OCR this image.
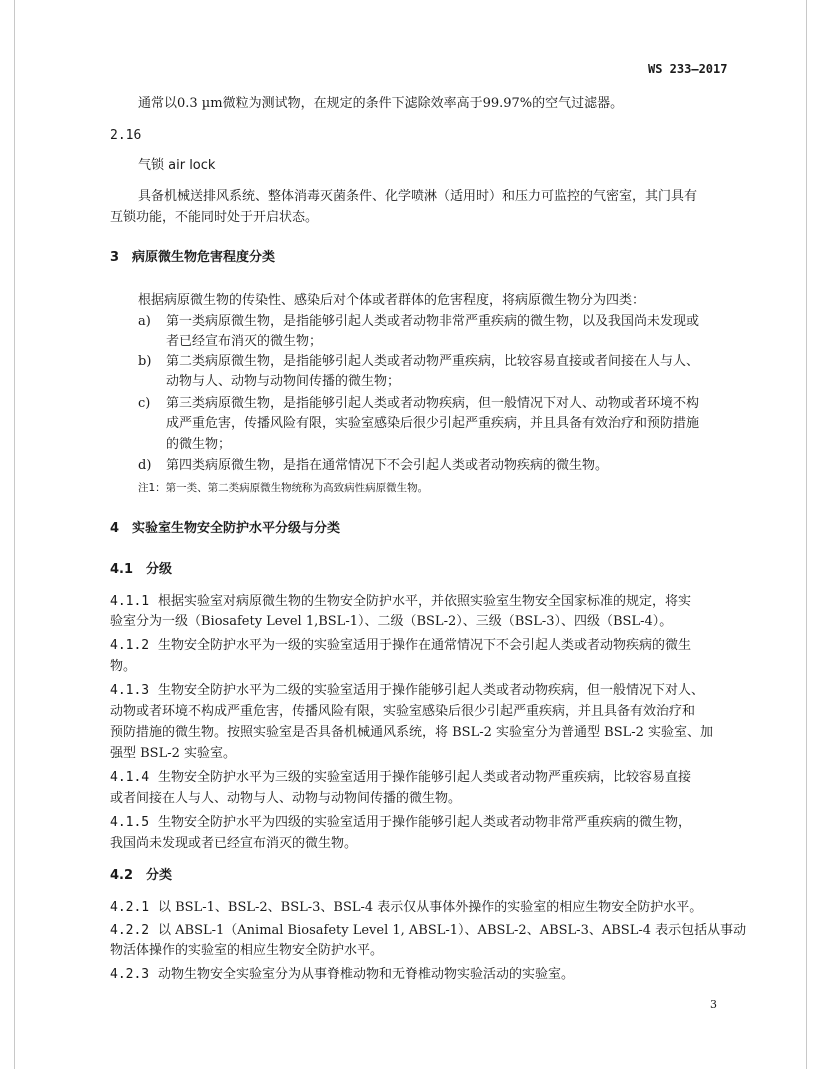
WS 233—2017
通常以0.3 µm微粒为测试物，在规定的条件下滤除效率高于99.97%的空气过滤器。
2.16
气锁 air lock
具备机械送排风系统、整体消毒灭菌条件、化学喷淋（适用时）和压力可监控的气密室，其门具有
互锁功能，不能同时处于开启状态。
3　病原微生物危害程度分类
根据病原微生物的传染性、感染后对个体或者群体的危害程度，将病原微生物分为四类：
a) 第一类病原微生物，是指能够引起人类或者动物非常严重疾病的微生物，以及我国尚未发现或
者已经宣布消灭的微生物；
b) 第二类病原微生物，是指能够引起人类或者动物严重疾病，比较容易直接或者间接在人与人、
动物与人、动物与动物间传播的微生物；
c) 第三类病原微生物，是指能够引起人类或者动物疾病，但一般情况下对人、动物或者环境不构
成严重危害，传播风险有限，实验室感染后很少引起严重疾病，并且具备有效治疗和预防措施
的微生物；
d) 第四类病原微生物，是指在通常情况下不会引起人类或者动物疾病的微生物。
注1：第一类、第二类病原微生物统称为高致病性病原微生物。
4　实验室生物安全防护水平分级与分类
4.1　分级
4.1.1 根据实验室对病原微生物的生物安全防护水平，并依照实验室生物安全国家标准的规定，将实
验室分为一级（Biosafety Level 1,BSL-1）、二级（BSL-2）、三级（BSL-3）、四级（BSL-4）。
4.1.2 生物安全防护水平为一级的实验室适用于操作在通常情况下不会引起人类或者动物疾病的微生
物。
4.1.3 生物安全防护水平为二级的实验室适用于操作能够引起人类或者动物疾病，但一般情况下对人、
动物或者环境不构成严重危害，传播风险有限，实验室感染后很少引起严重疾病，并且具备有效治疗和
预防措施的微生物。按照实验室是否具备机械通风系统，将 BSL-2 实验室分为普通型 BSL-2 实验室、加
强型 BSL-2 实验室。
4.1.4 生物安全防护水平为三级的实验室适用于操作能够引起人类或者动物严重疾病，比较容易直接
或者间接在人与人、动物与人、动物与动物间传播的微生物。
4.1.5 生物安全防护水平为四级的实验室适用于操作能够引起人类或者动物非常严重疾病的微生物，
我国尚未发现或者已经宣布消灭的微生物。
4.2　分类
4.2.1 以 BSL-1、BSL-2、BSL-3、BSL-4 表示仅从事体外操作的实验室的相应生物安全防护水平。
4.2.2 以 ABSL-1（Animal Biosafety Level 1, ABSL-1）、ABSL-2、ABSL-3、ABSL-4 表示包括从事动
物活体操作的实验室的相应生物安全防护水平。
4.2.3 动物生物安全实验室分为从事脊椎动物和无脊椎动物实验活动的实验室。
3
